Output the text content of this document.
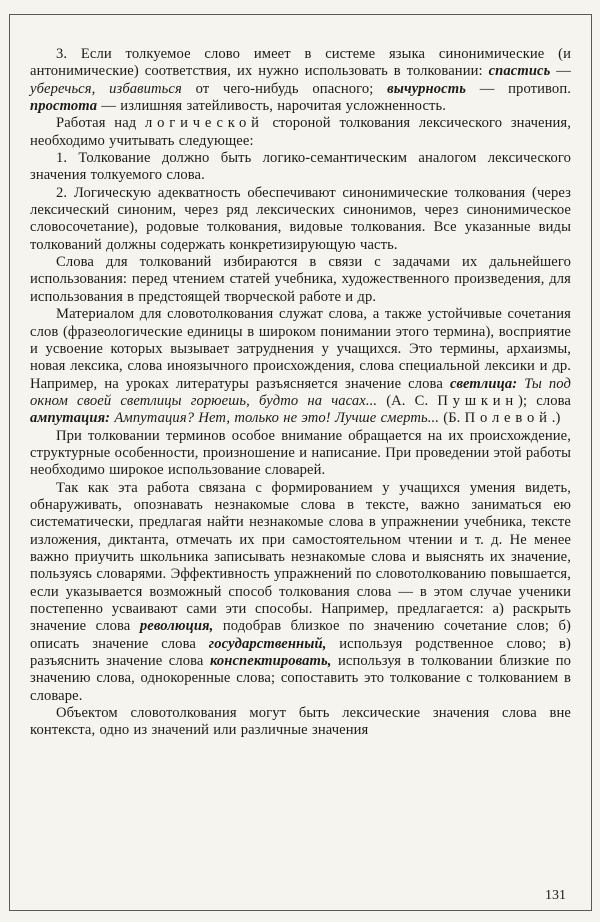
3. Если толкуемое слово имеет в системе языка синонимические (и антонимические) соответствия, их нужно использовать в толковании: спастись — уберечься, избавиться от чего-нибудь опасного; вычурность — противоп. простота — излишняя затейливость, нарочитая усложненность.

Работая над логической стороной толкования лексического значения, необходимо учитывать следующее:

1. Толкование должно быть логико-семантическим аналогом лексического значения толкуемого слова.

2. Логическую адекватность обеспечивают синонимические толкования (через лексический синоним, через ряд лексических синонимов, через синонимическое словосочетание), родовые толкования, видовые толкования. Все указанные виды толкований должны содержать конкретизирующую часть.

Слова для толкований избираются в связи с задачами их дальнейшего использования: перед чтением статей учебника, художественного произведения, для использования в предстоящей творческой работе и др.

Материалом для словотолкования служат слова, а также устойчивые сочетания слов (фразеологические единицы в широком понимании этого термина), восприятие и усвоение которых вызывает затруднения у учащихся. Это термины, архаизмы, новая лексика, слова иноязычного происхождения, слова специальной лексики и др. Например, на уроках литературы разъясняется значение слова светлица: Ты под окном своей светлицы горюешь, будто на часах... (А. С. Пушкин); слова ампутация: Ампутация? Нет, только не это! Лучше смерть... (Б. Полевой.)

При толковании терминов особое внимание обращается на их происхождение, структурные особенности, произношение и написание. При проведении этой работы необходимо широкое использование словарей.

Так как эта работа связана с формированием у учащихся умения видеть, обнаруживать, опознавать незнакомые слова в тексте, важно заниматься ею систематически, предлагая найти незнакомые слова в упражнении учебника, тексте изложения, диктанта, отмечать их при самостоятельном чтении и т. д. Не менее важно приучить школьника записывать незнакомые слова и выяснять их значение, пользуясь словарями. Эффективность упражнений по словотолкованию повышается, если указывается возможный способ толкования слова — в этом случае ученики постепенно усваивают сами эти способы. Например, предлагается: а) раскрыть значение слова революция, подобрав близкое по значению сочетание слов; б) описать значение слова государственный, используя родственное слово; в) разъяснить значение слова конспектировать, используя в толковании близкие по значению слова, однокоренные слова; сопоставить это толкование с толкованием в словаре.

Объектом словотолкования могут быть лексические значения слова вне контекста, одно из значений или различные значения

131
